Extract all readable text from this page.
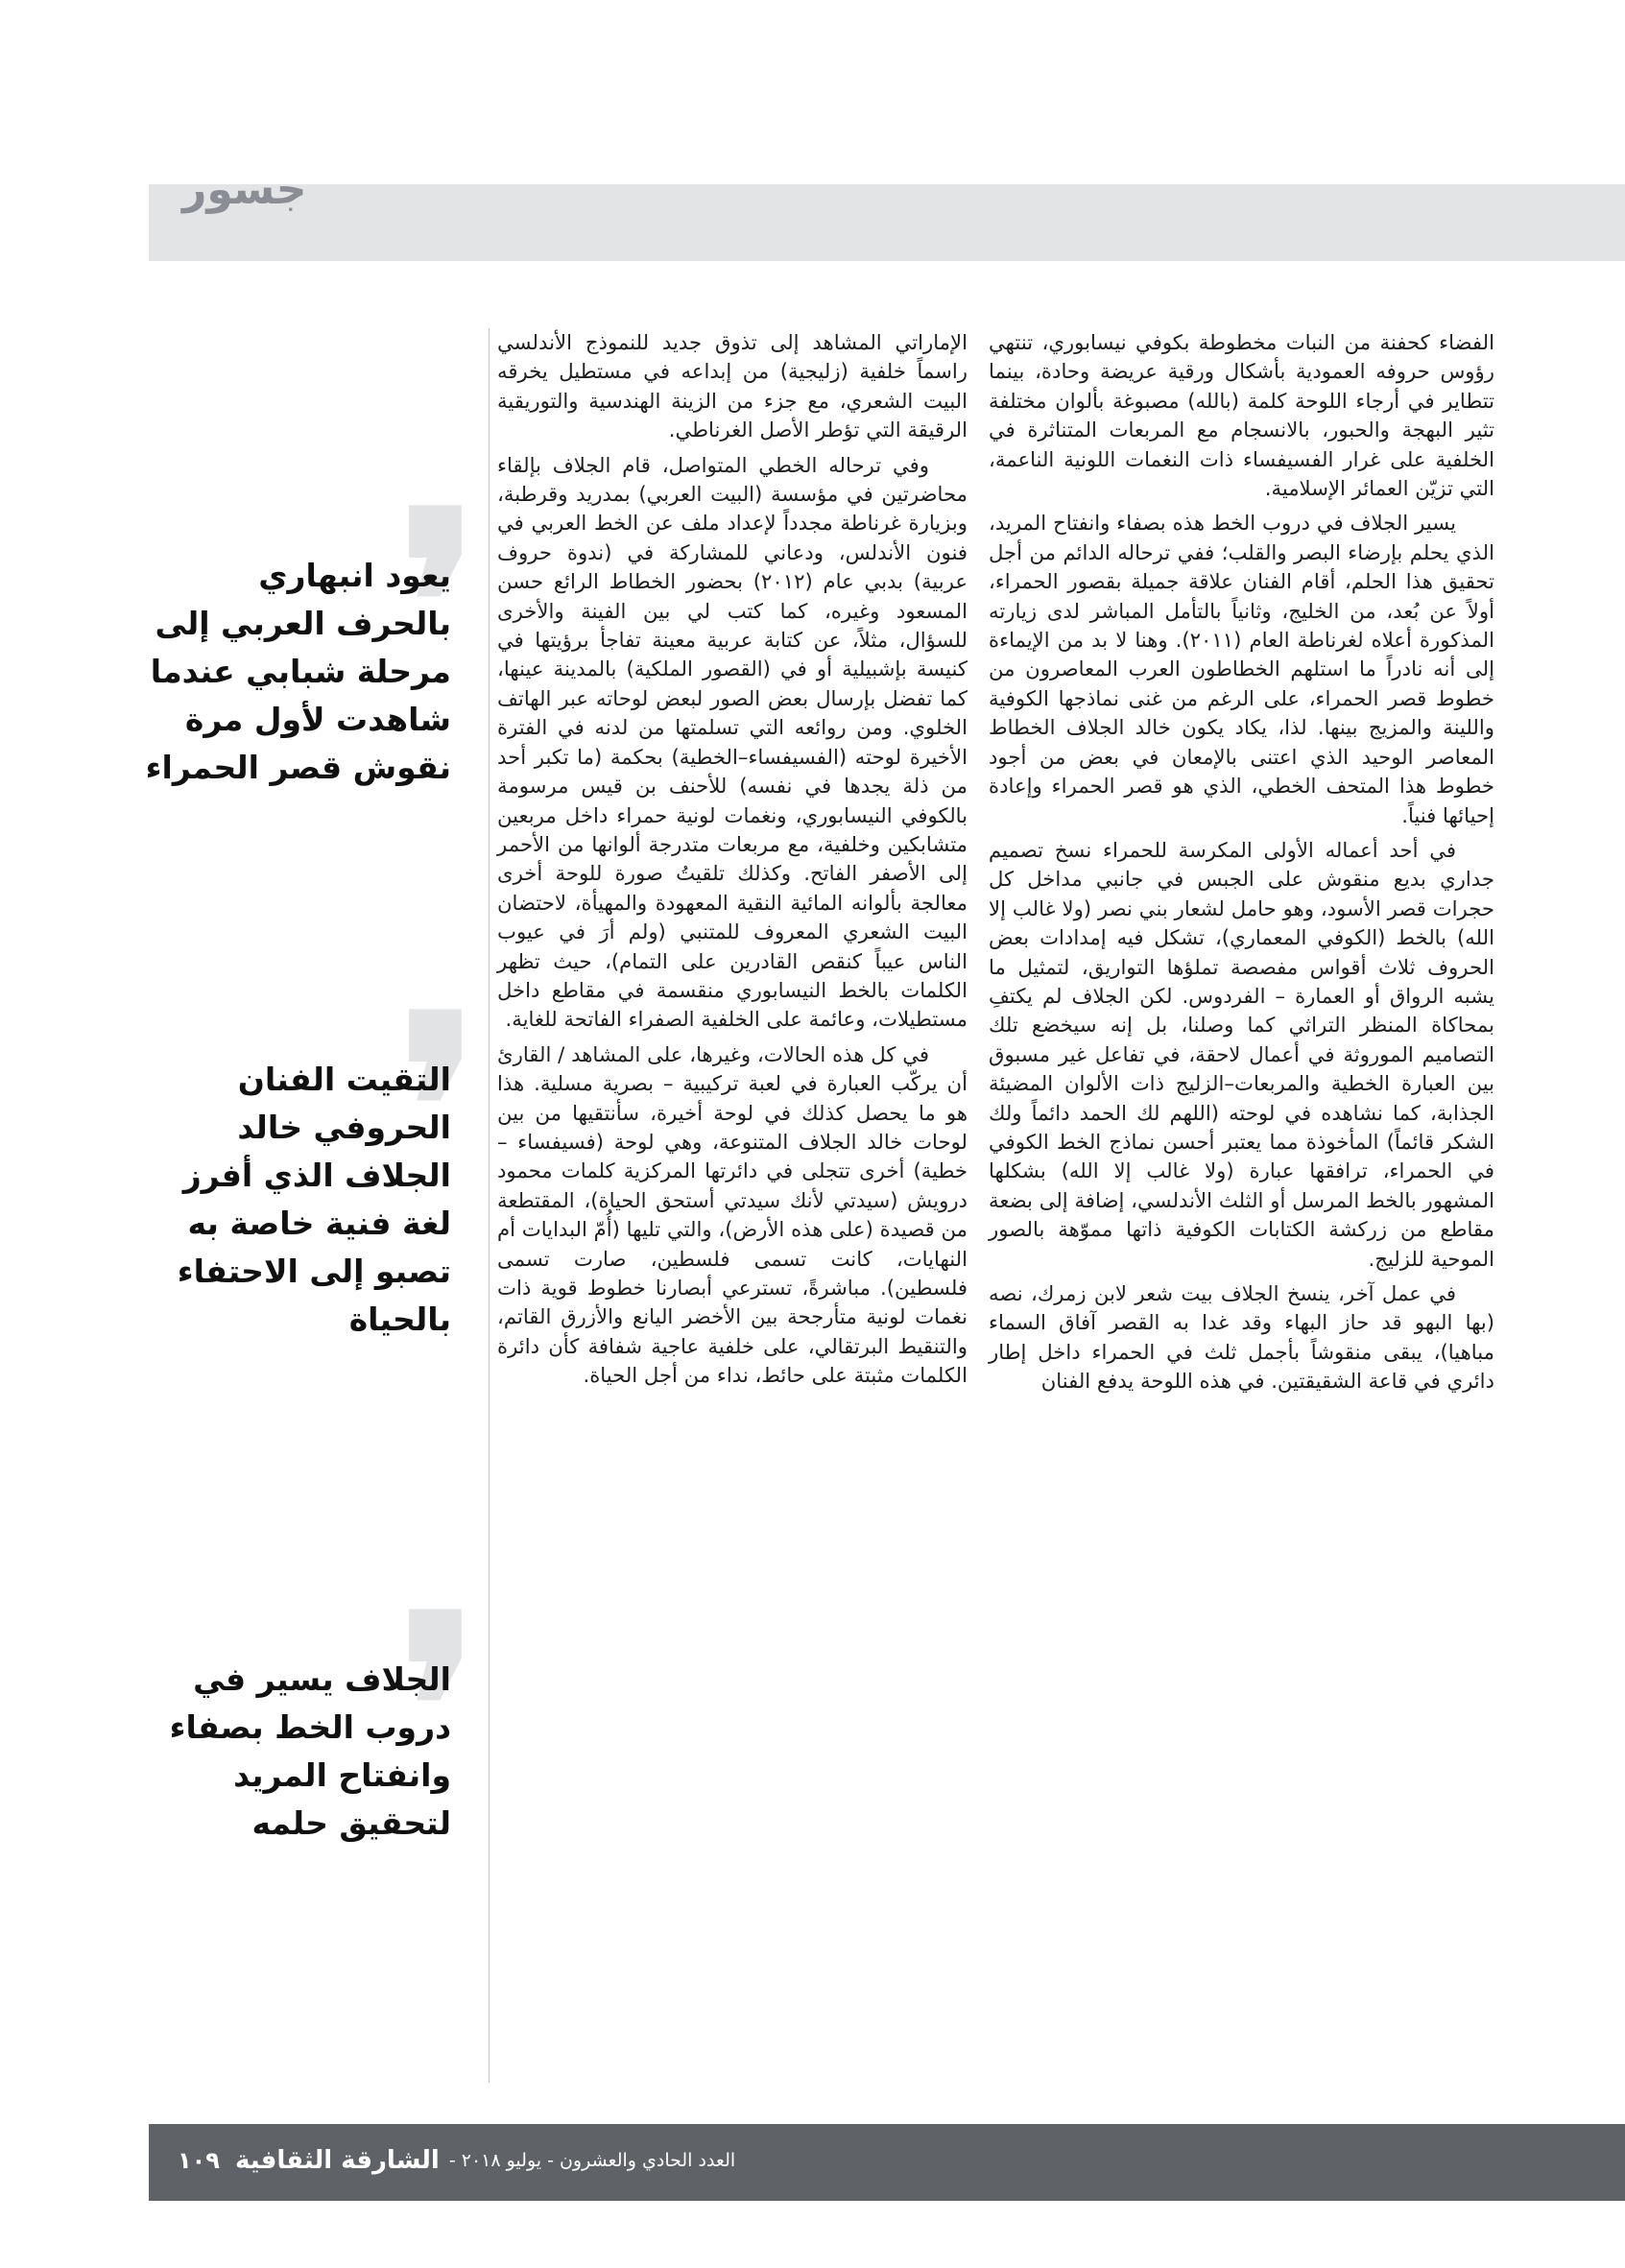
جسور

الفضاء كحفنة من النبات مخطوطة بكوفي نيسابوري، تنتهي رؤوس حروفه العمودية بأشكال ورقية عريضة وحادة، بينما تتطاير في أرجاء اللوحة كلمة (بالله) مصبوغة بألوان مختلفة تثير البهجة والحبور، بالانسجام مع المربعات المتناثرة في الخلفية على غرار الفسيفساء ذات النغمات اللونية الناعمة، التي تزيّن العمائر الإسلامية.

يسير الجلاف في دروب الخط هذه بصفاء وانفتاح المريد، الذي يحلم بإرضاء البصر والقلب؛ ففي ترحاله الدائم من أجل تحقيق هذا الحلم، أقام الفنان علاقة جميلة بقصور الحمراء، أولاً عن بُعد، من الخليج، وثانياً بالتأمل المباشر لدى زيارته المذكورة أعلاه لغرناطة العام (٢٠١١). وهنا لا بد من الإيماءة إلى أنه نادراً ما استلهم الخطاطون العرب المعاصرون من خطوط قصر الحمراء، على الرغم من غنى نماذجها الكوفية واللينة والمزيج بينها. لذا، يكاد يكون خالد الجلاف الخطاط المعاصر الوحيد الذي اعتنى بالإمعان في بعض من أجود خطوط هذا المتحف الخطي، الذي هو قصر الحمراء وإعادة إحيائها فنياً.

في أحد أعماله الأولى المكرسة للحمراء نسخ تصميم جداري بديع منقوش على الجبس في جانبي مداخل كل حجرات قصر الأسود، وهو حامل لشعار بني نصر (ولا غالب إلا الله) بالخط (الكوفي المعماري)، تشكل فيه إمدادات بعض الحروف ثلاث أقواس مفصصة تملؤها التواريق، لتمثيل ما يشبه الرواق أو العمارة – الفردوس. لكن الجلاف لم يكتفِ بمحاكاة المنظر التراثي كما وصلنا، بل إنه سيخضع تلك التصاميم الموروثة في أعمال لاحقة، في تفاعل غير مسبوق بين العبارة الخطية والمربعات–الزليج ذات الألوان المضيئة الجذابة، كما نشاهده في لوحته (اللهم لك الحمد دائماً ولك الشكر قائماً) المأخوذة مما يعتبر أحسن نماذج الخط الكوفي في الحمراء، ترافقها عبارة (ولا غالب إلا الله) بشكلها المشهور بالخط المرسل أو الثلث الأندلسي، إضافة إلى بضعة مقاطع من زركشة الكتابات الكوفية ذاتها مموّهة بالصور الموحية للزليج.

في عمل آخر، ينسخ الجلاف بيت شعر لابن زمرك، نصه (بها البهو قد حاز البهاء وقد غدا به القصر آفاق السماء مباهيا)، يبقى منقوشاً بأجمل ثلث في الحمراء داخل إطار دائري في قاعة الشقيقتين. في هذه اللوحة يدفع الفنان

الإماراتي المشاهد إلى تذوق جديد للنموذج الأندلسي راسماً خلفية (زليجية) من إبداعه في مستطيل يخرقه البيت الشعري، مع جزء من الزينة الهندسية والتوريقية الرقيقة التي تؤطر الأصل الغرناطي.

وفي ترحاله الخطي المتواصل، قام الجلاف بإلقاء محاضرتين في مؤسسة (البيت العربي) بمدريد وقرطبة، وبزيارة غرناطة مجدداً لإعداد ملف عن الخط العربي في فنون الأندلس، ودعاني للمشاركة في (ندوة حروف عربية) بدبي عام (٢٠١٢) بحضور الخطاط الرائع حسن المسعود وغيره، كما كتب لي بين الفينة والأخرى للسؤال، مثلاً، عن كتابة عربية معينة تفاجأ برؤيتها في كنيسة بإشبيلية أو في (القصور الملكية) بالمدينة عينها، كما تفضل بإرسال بعض الصور لبعض لوحاته عبر الهاتف الخلوي. ومن روائعه التي تسلمتها من لدنه في الفترة الأخيرة لوحته (الفسيفساء–الخطية) بحكمة (ما تكبر أحد من ذلة يجدها في نفسه) للأحنف بن قيس مرسومة بالكوفي النيسابوري، ونغمات لونية حمراء داخل مربعين متشابكين وخلفية، مع مربعات متدرجة ألوانها من الأحمر إلى الأصفر الفاتح. وكذلك تلقيتُ صورة للوحة أخرى معالجة بألوانه المائية النقية المعهودة والمهيأة، لاحتضان البيت الشعري المعروف للمتنبي (ولم أرَ في عيوب الناس عيباً كنقص القادرين على التمام)، حيث تظهر الكلمات بالخط النيسابوري منقسمة في مقاطع داخل مستطيلات، وعائمة على الخلفية الصفراء الفاتحة للغاية.

في كل هذه الحالات، وغيرها، على المشاهد / القارئ أن يركّب العبارة في لعبة تركيبية – بصرية مسلية. هذا هو ما يحصل كذلك في لوحة أخيرة، سأنتقيها من بين لوحات خالد الجلاف المتنوعة، وهي لوحة (فسيفساء – خطية) أخرى تتجلى في دائرتها المركزية كلمات محمود درويش (سيدتي لأنك سيدتي أستحق الحياة)، المقتطعة من قصيدة (على هذه الأرض)، والتي تليها (أُمّ البدايات أم النهايات، كانت تسمى فلسطين، صارت تسمى فلسطين). مباشرةً، تسترعي أبصارنا خطوط قوية ذات نغمات لونية متأرجحة بين الأخضر اليانع والأزرق القاتم، والتنقيط البرتقالي، على خلفية عاجية شفافة كأن دائرة الكلمات مثبتة على حائط، نداء من أجل الحياة.

❜
يعود انبهاري بالحرف العربي إلى مرحلة شبابي عندما شاهدت لأول مرة نقوش قصر الحمراء
❜
التقيت الفنان الحروفي خالد الجلاف الذي أفرز لغة فنية خاصة به تصبو إلى الاحتفاء بالحياة
❜
الجلاف يسير في دروب الخط بصفاء وانفتاح المريد لتحقيق حلمه
العدد الحادي والعشرون - يوليو ٢٠١٨ -
الشارقة الثقافية
١٠٩
